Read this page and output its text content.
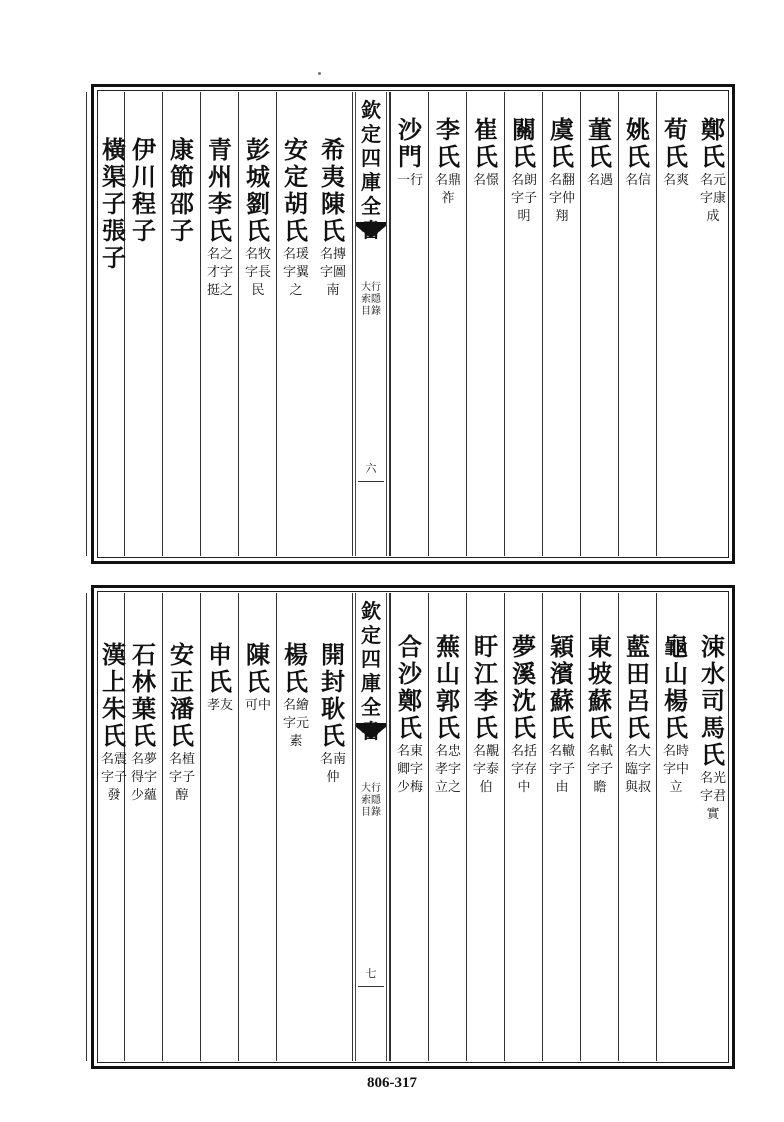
鄭氏
名元字康成
荀氏
名爽
姚氏
名信
董氏
名遇
虞氏
名翻字仲翔
關氏
名朗字子明
崔氏
名憬
李氏
名鼎祚
沙門
一行
欽定四庫全
大行索隱 目錄
六
希夷陳氏
名摶字圖南
安定胡氏
名瑗字翼之
彭城劉氏
名牧字長民
青州李氏
名之才字挺之
康節邵子
伊川程子
橫渠子張子
涑水司馬氏
名光字君實
龜山楊氏
名時字中立
藍田呂氏
名大臨字與叔
東坡蘇氏
名軾字子瞻
穎濱蘇氏
名轍字子由
夢溪沈氏
名括字存中
盱江李氏
名覯字泰伯
蕪山郭氏
名忠孝字立之
合沙鄭氏
名東卿字少梅
欽定四庫全
大行索隱 目錄
七
開封耿氏
名南仲
楊氏
名繪字元素
陳氏
可中
申氏
孝友
安正潘氏
名植字子醇
石林葉氏
名夢得字少蘊
漢上朱氏
名震字子發
806-317
